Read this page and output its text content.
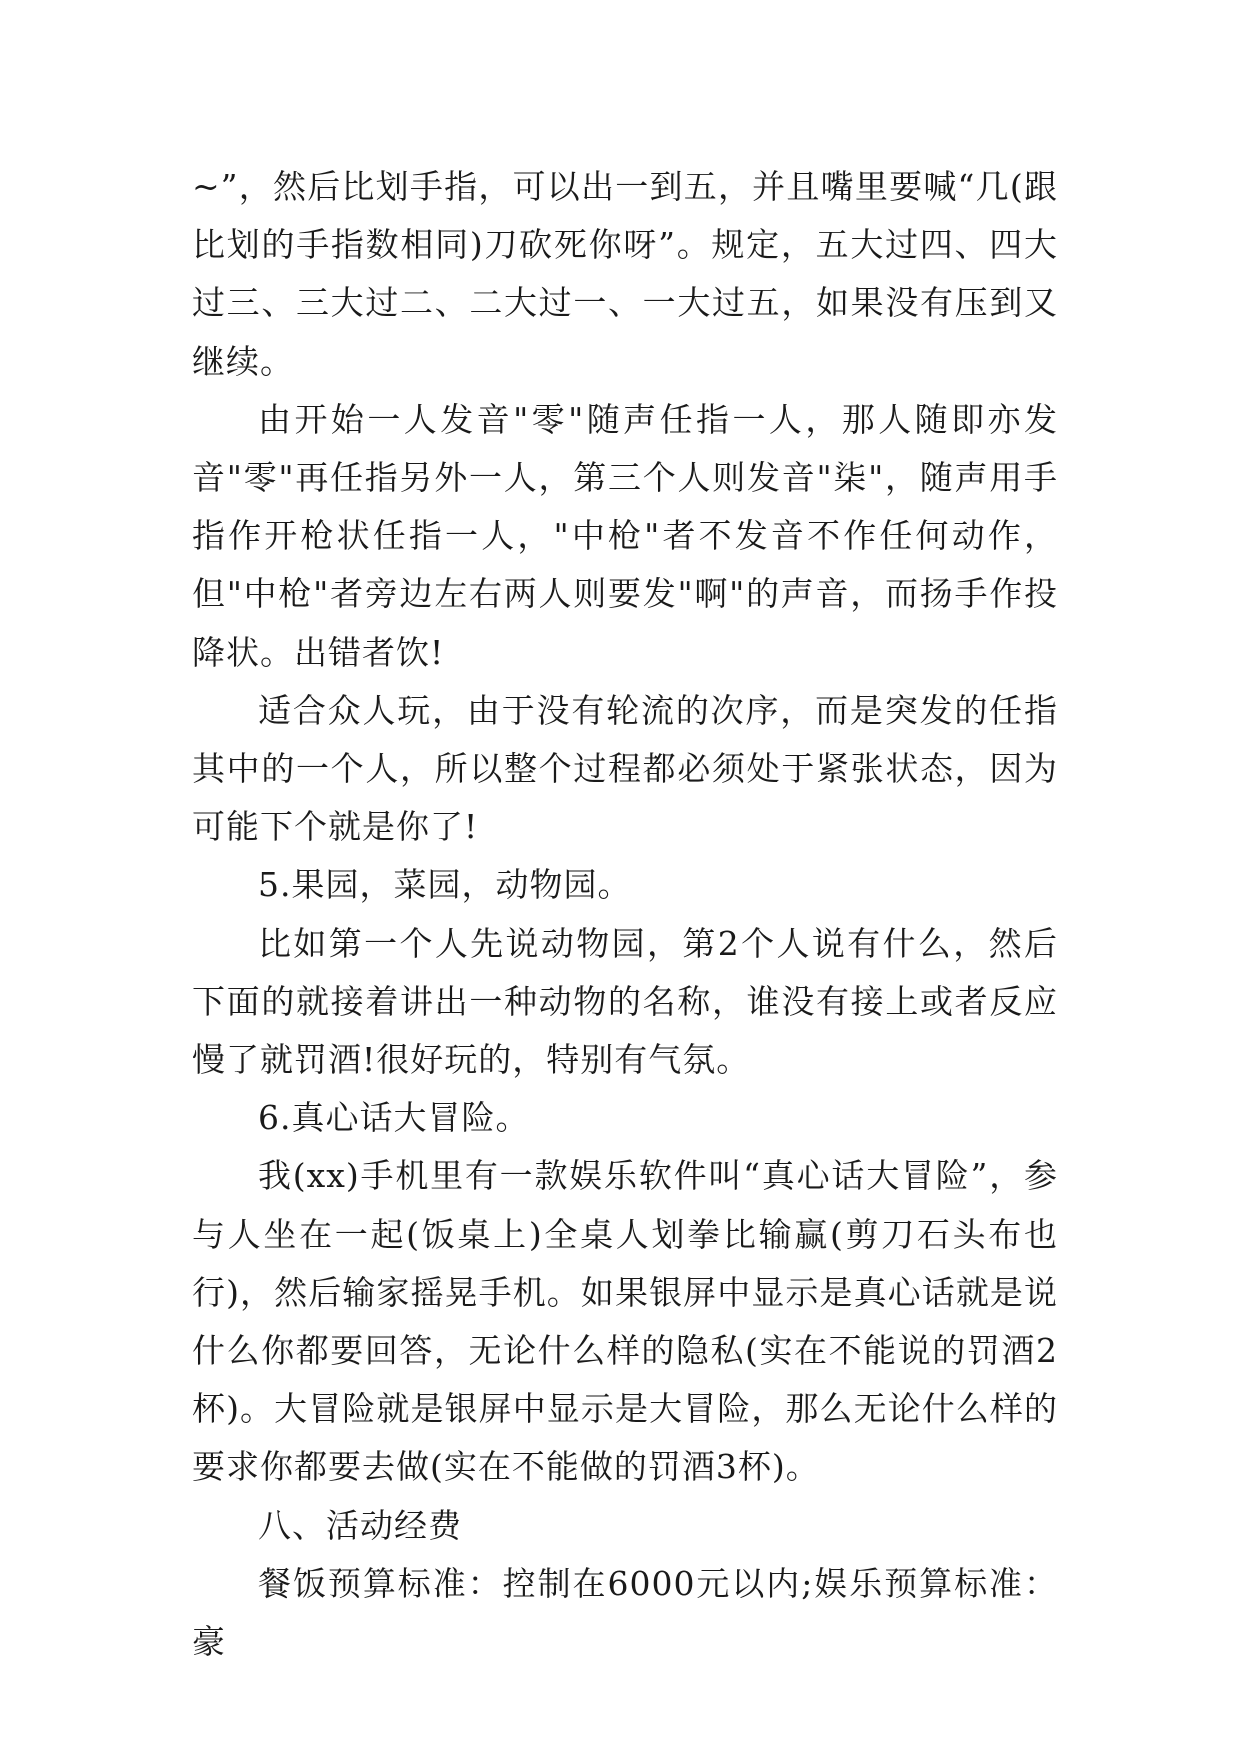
~”，然后比划手指，可以出一到五，并且嘴里要喊“几(跟比划的手指数相同)刀砍死你呀”。规定，五大过四、四大过三、三大过二、二大过一、一大过五，如果没有压到又继续。

由开始一人发音"零"随声任指一人，那人随即亦发音"零"再任指另外一人，第三个人则发音"柒"，随声用手指作开枪状任指一人，"中枪"者不发音不作任何动作，但"中枪"者旁边左右两人则要发"啊"的声音，而扬手作投降状。出错者饮!

适合众人玩，由于没有轮流的次序，而是突发的任指其中的一个人，所以整个过程都必须处于紧张状态，因为可能下个就是你了!

5.果园，菜园，动物园。

比如第一个人先说动物园，第2个人说有什么，然后下面的就接着讲出一种动物的名称，谁没有接上或者反应慢了就罚酒!很好玩的，特别有气氛。

6.真心话大冒险。

我(xx)手机里有一款娱乐软件叫“真心话大冒险”，参与人坐在一起(饭桌上)全桌人划拳比输赢(剪刀石头布也行)，然后输家摇晃手机。如果银屏中显示是真心话就是说什么你都要回答，无论什么样的隐私(实在不能说的罚酒2杯)。大冒险就是银屏中显示是大冒险，那么无论什么样的要求你都要去做(实在不能做的罚酒3杯)。

八、活动经费

餐饭预算标准：控制在6000元以内;娱乐预算标准：豪
